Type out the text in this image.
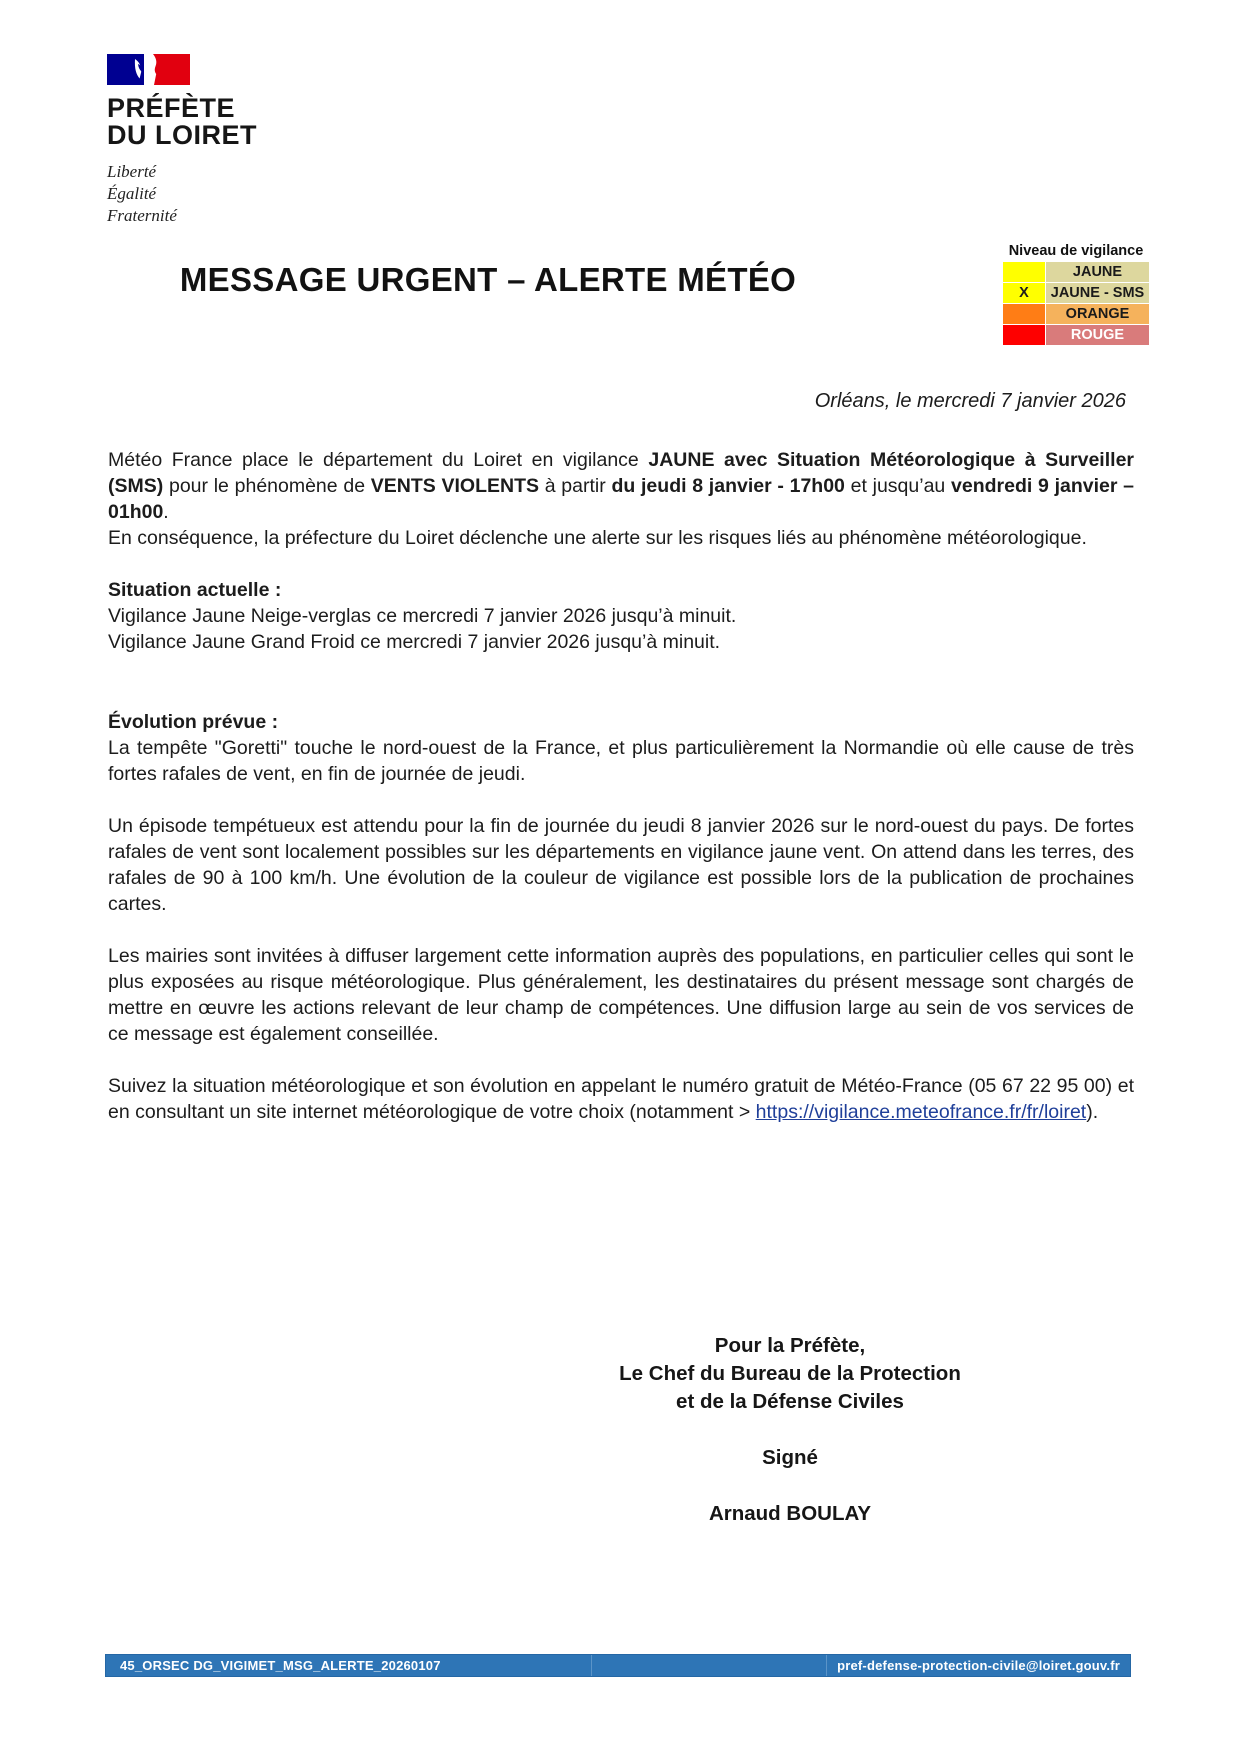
PRÉFÈTE
DU LOIRET
Liberté
Égalité
Fraternité
MESSAGE URGENT – ALERTE MÉTÉO
Niveau de vigilance
	JAUNE
X	JAUNE - SMS
	ORANGE
	ROUGE
Orléans, le mercredi 7 janvier 2026

Météo France place le département du Loiret en vigilance JAUNE avec Situation Météorologique à Surveiller (SMS) pour le phénomène de VENTS VIOLENTS à partir du jeudi 8 janvier - 17h00 et jusqu’au vendredi 9 janvier – 01h00.

En conséquence, la préfecture du Loiret déclenche une alerte sur les risques liés au phénomène météorologique.

Situation actuelle :

Vigilance Jaune Neige-verglas ce mercredi 7 janvier 2026 jusqu’à minuit.

Vigilance Jaune Grand Froid ce mercredi 7 janvier 2026 jusqu’à minuit.

Évolution prévue :

La tempête "Goretti" touche le nord-ouest de la France, et plus particulièrement la Normandie où elle cause de très fortes rafales de vent, en fin de journée de jeudi.

Un épisode tempétueux est attendu pour la fin de journée du jeudi 8 janvier 2026 sur le nord-ouest du pays. De fortes rafales de vent sont localement possibles sur les départements en vigilance jaune vent. On attend dans les terres, des rafales de 90 à 100 km/h. Une évolution de la couleur de vigilance est possible lors de la publication de prochaines cartes.

Les mairies sont invitées à diffuser largement cette information auprès des populations, en particulier celles qui sont le plus exposées au risque météorologique. Plus généralement, les destinataires du présent message sont chargés de mettre en œuvre les actions relevant de leur champ de compétences. Une diffusion large au sein de vos services de ce message est également conseillée.

Suivez la situation météorologique et son évolution en appelant le numéro gratuit de Météo-France (05 67 22 95 00) et en consultant un site internet météorologique de votre choix (notamment > https://vigilance.meteofrance.fr/fr/loiret).

Pour la Préfète,
Le Chef du Bureau de la Protection
et de la Défense Civiles
Signé
Arnaud BOULAY
45_ORSEC DG_VIGIMET_MSG_ALERTE_20260107	pref-defense-protection-civile@loiret.gouv.fr
